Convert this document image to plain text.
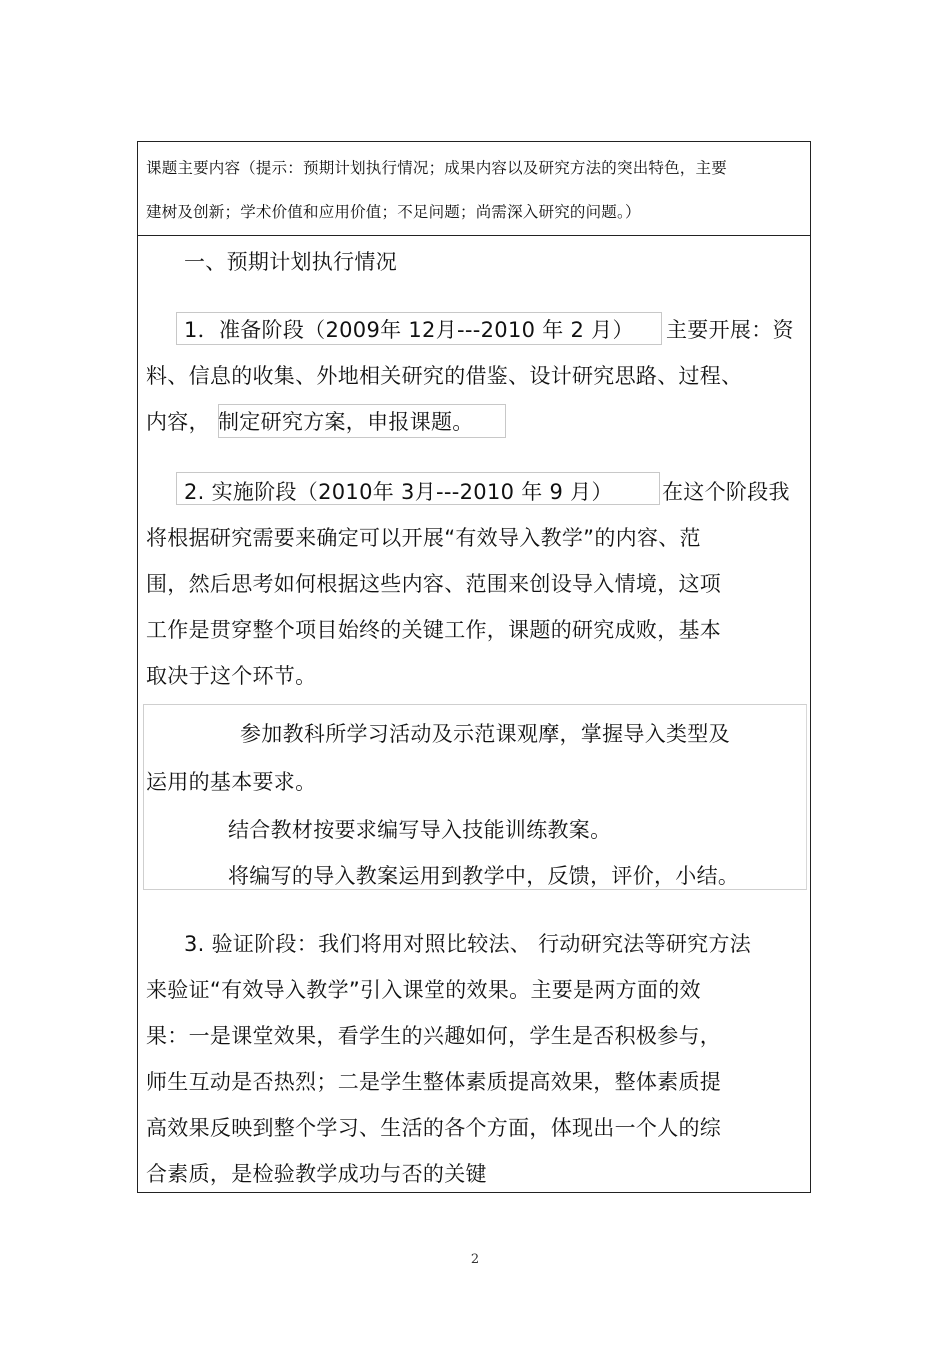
课题主要内容（提示：预期计划执行情况；成果内容以及研究方法的突出特色，主要
建树及创新；学术价值和应用价值；不足问题；尚需深入研究的问题。）
一、预期计划执行情况
1．准备阶段（2009年 12月---2010 年 2 月） 主要开展：资
料、信息的收集、外地相关研究的借鉴、设计研究思路、过程、
内容， 制定研究方案，申报课题。
2. 实施阶段（2010年 3月---2010 年 9 月） 在这个阶段我
将根据研究需要来确定可以开展“有效导入教学”的内容、范
围，然后思考如何根据这些内容、范围来创设导入情境，这项
工作是贯穿整个项目始终的关键工作，课题的研究成败，基本
取决于这个环节。
参加教科所学习活动及示范课观摩，掌握导入类型及
运用的基本要求。
结合教材按要求编写导入技能训练教案。
将编写的导入教案运用到教学中，反馈，评价，小结。
3. 验证阶段：我们将用对照比较法、 行动研究法等研究方法
来验证“有效导入教学”引入课堂的效果。主要是两方面的效
果：一是课堂效果，看学生的兴趣如何，学生是否积极参与，
师生互动是否热烈；二是学生整体素质提高效果，整体素质提
高效果反映到整个学习、生活的各个方面，体现出一个人的综
合素质，是检验教学成功与否的关键
2
